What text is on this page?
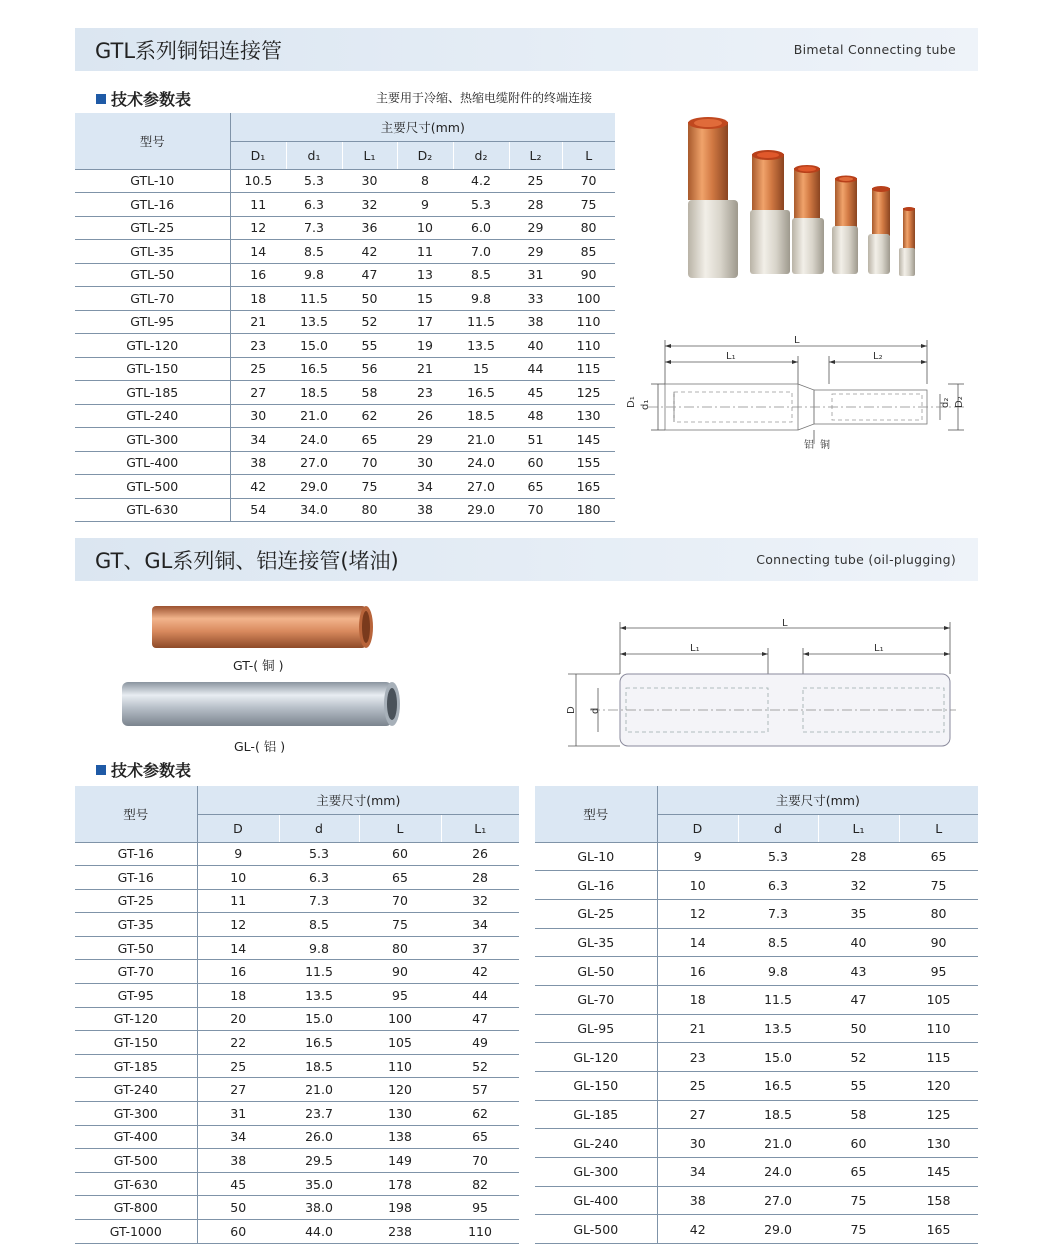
GTL系列铜铝连接管	Bimetal Connecting tube
技术参数表	主要用于冷缩、热缩电缆附件的终端连接
型号	主要尺寸(mm)						
	D₁	d₁	L₁	D₂	d₂	L₂	L
GTL-10	10.5	5.3	30	8	4.2	25	70
GTL-16	11	6.3	32	9	5.3	28	75
GTL-25	12	7.3	36	10	6.0	29	80
GTL-35	14	8.5	42	11	7.0	29	85
GTL-50	16	9.8	47	13	8.5	31	90
GTL-70	18	11.5	50	15	9.8	33	100
GTL-95	21	13.5	52	17	11.5	38	110
GTL-120	23	15.0	55	19	13.5	40	110
GTL-150	25	16.5	56	21	15	44	115
GTL-185	27	18.5	58	23	16.5	45	125
GTL-240	30	21.0	62	26	18.5	48	130
GTL-300	34	24.0	65	29	21.0	51	145
GTL-400	38	27.0	70	30	24.0	60	155
GTL-500	42	29.0	75	34	27.0	65	165
GTL-630	54	34.0	80	38	29.0	70	180
L
L₁	L₂
D₁ d₁	d₂ D₂
铝 铜
GT、GL系列铜、铝连接管(堵油)	Connecting tube (oil-plugging)
GT-( 铜 )
GL-( 铝 )
L
L₁	L₁
D d
技术参数表
型号	主要尺寸(mm)			
	D	d	L	L₁
GT-16	9	5.3	60	26
GT-16	10	6.3	65	28
GT-25	11	7.3	70	32
GT-35	12	8.5	75	34
GT-50	14	9.8	80	37
GT-70	16	11.5	90	42
GT-95	18	13.5	95	44
GT-120	20	15.0	100	47
GT-150	22	16.5	105	49
GT-185	25	18.5	110	52
GT-240	27	21.0	120	57
GT-300	31	23.7	130	62
GT-400	34	26.0	138	65
GT-500	38	29.5	149	70
GT-630	45	35.0	178	82
GT-800	50	38.0	198	95
GT-1000	60	44.0	238	110
型号	主要尺寸(mm)			
	D	d	L₁	L
GL-10	9	5.3	28	65
GL-16	10	6.3	32	75
GL-25	12	7.3	35	80
GL-35	14	8.5	40	90
GL-50	16	9.8	43	95
GL-70	18	11.5	47	105
GL-95	21	13.5	50	110
GL-120	23	15.0	52	115
GL-150	25	16.5	55	120
GL-185	27	18.5	58	125
GL-240	30	21.0	60	130
GL-300	34	24.0	65	145
GL-400	38	27.0	75	158
GL-500	42	29.0	75	165
